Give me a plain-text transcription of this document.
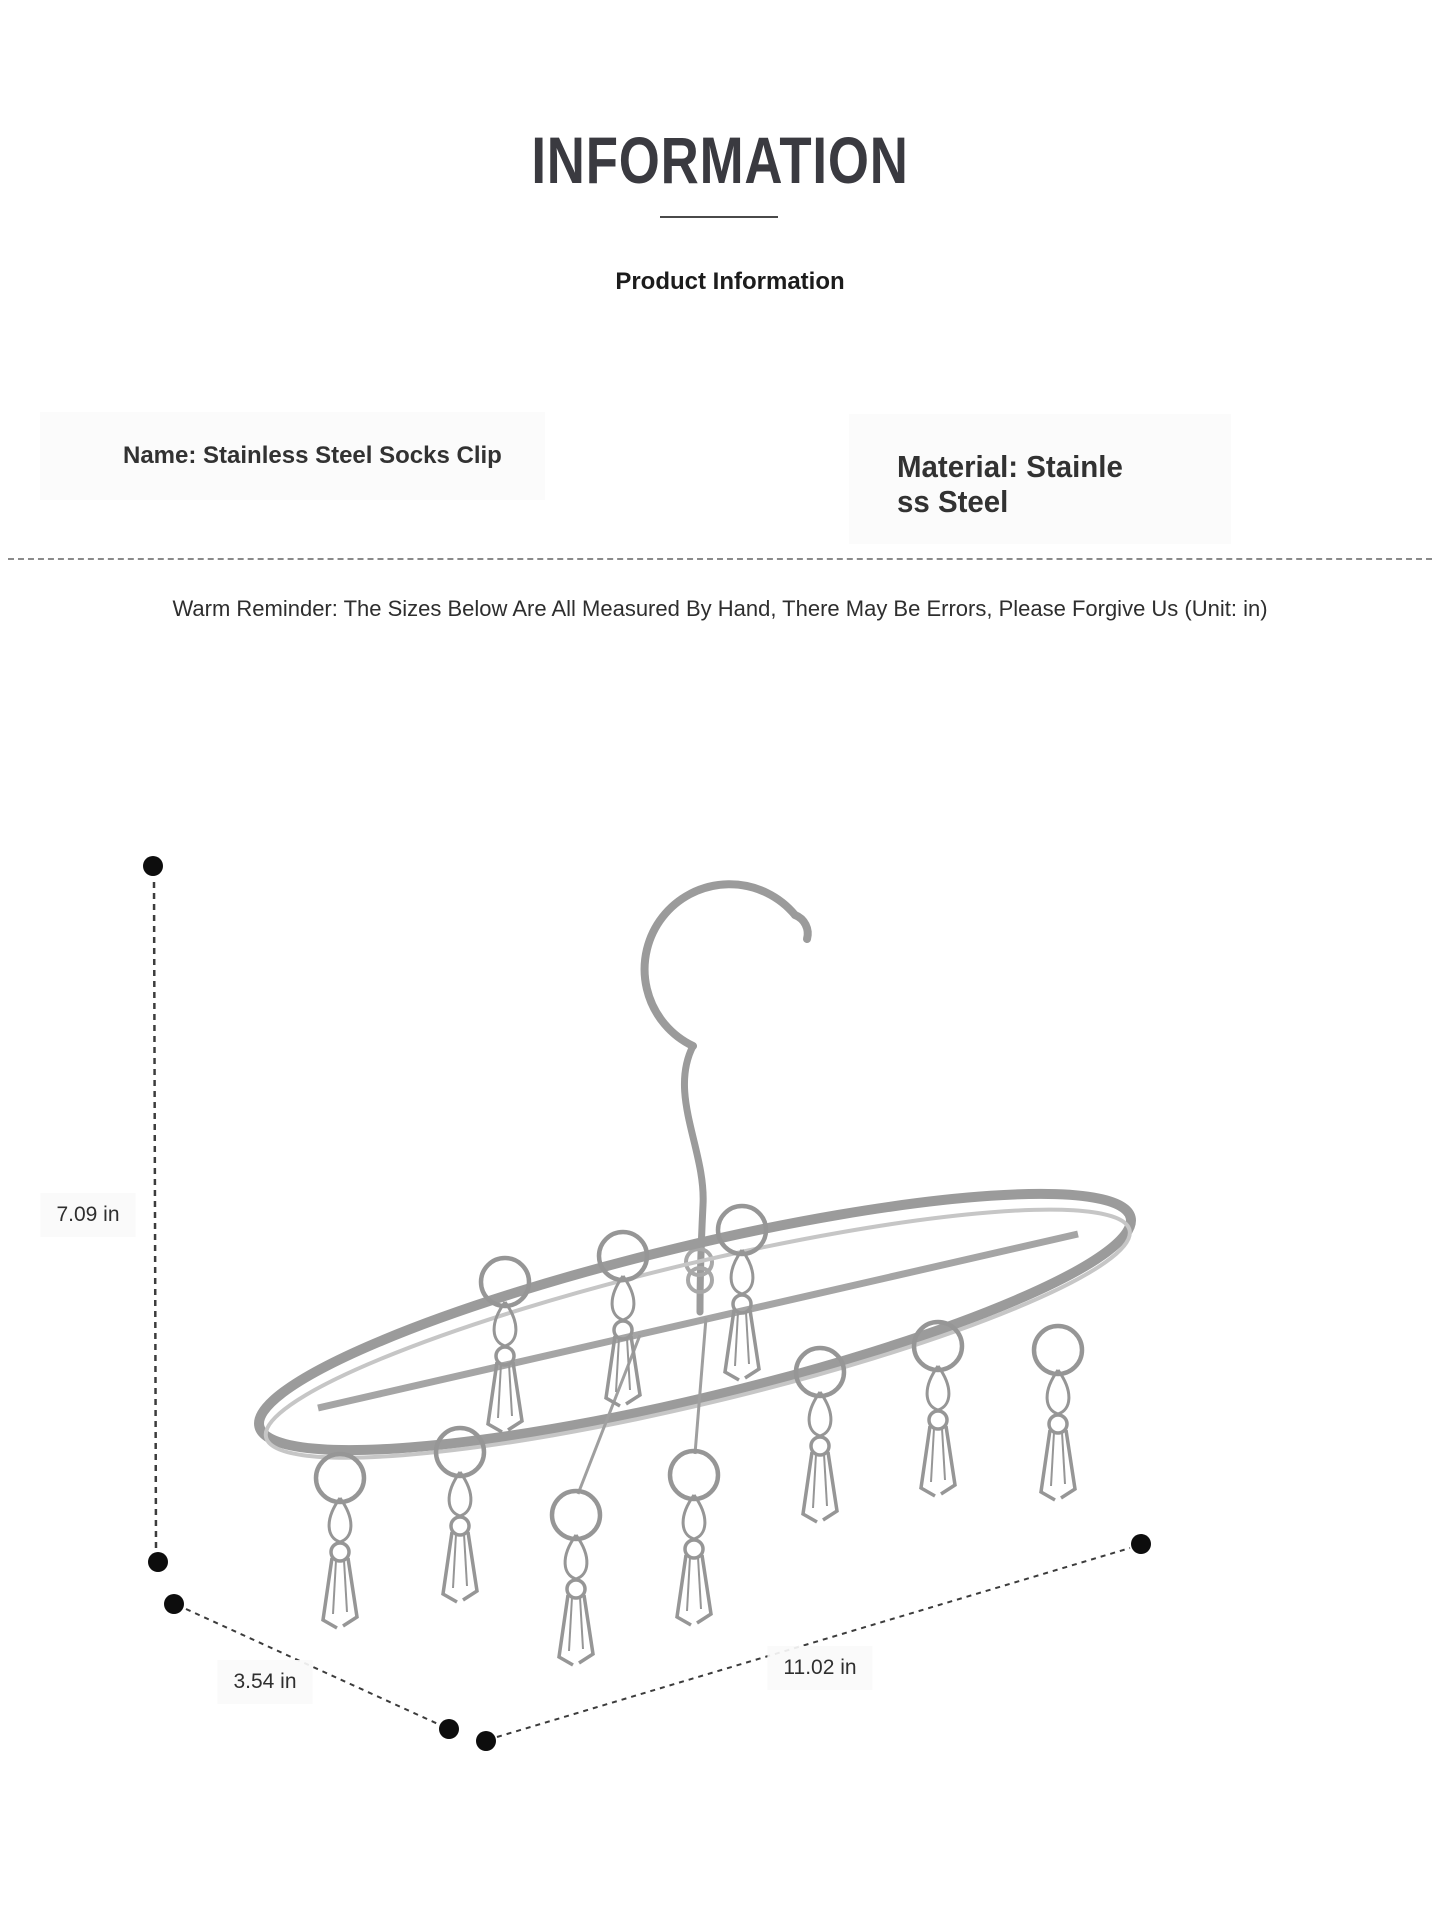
INFORMATION
Product Information
Name: Stainless Steel Socks Clip	Material: Stainle
ss Steel
Warm Reminder: The Sizes Below Are All Measured By Hand, There May Be Errors, Please Forgive Us (Unit: in)
7.09 in
3.54 in
11.02 in
